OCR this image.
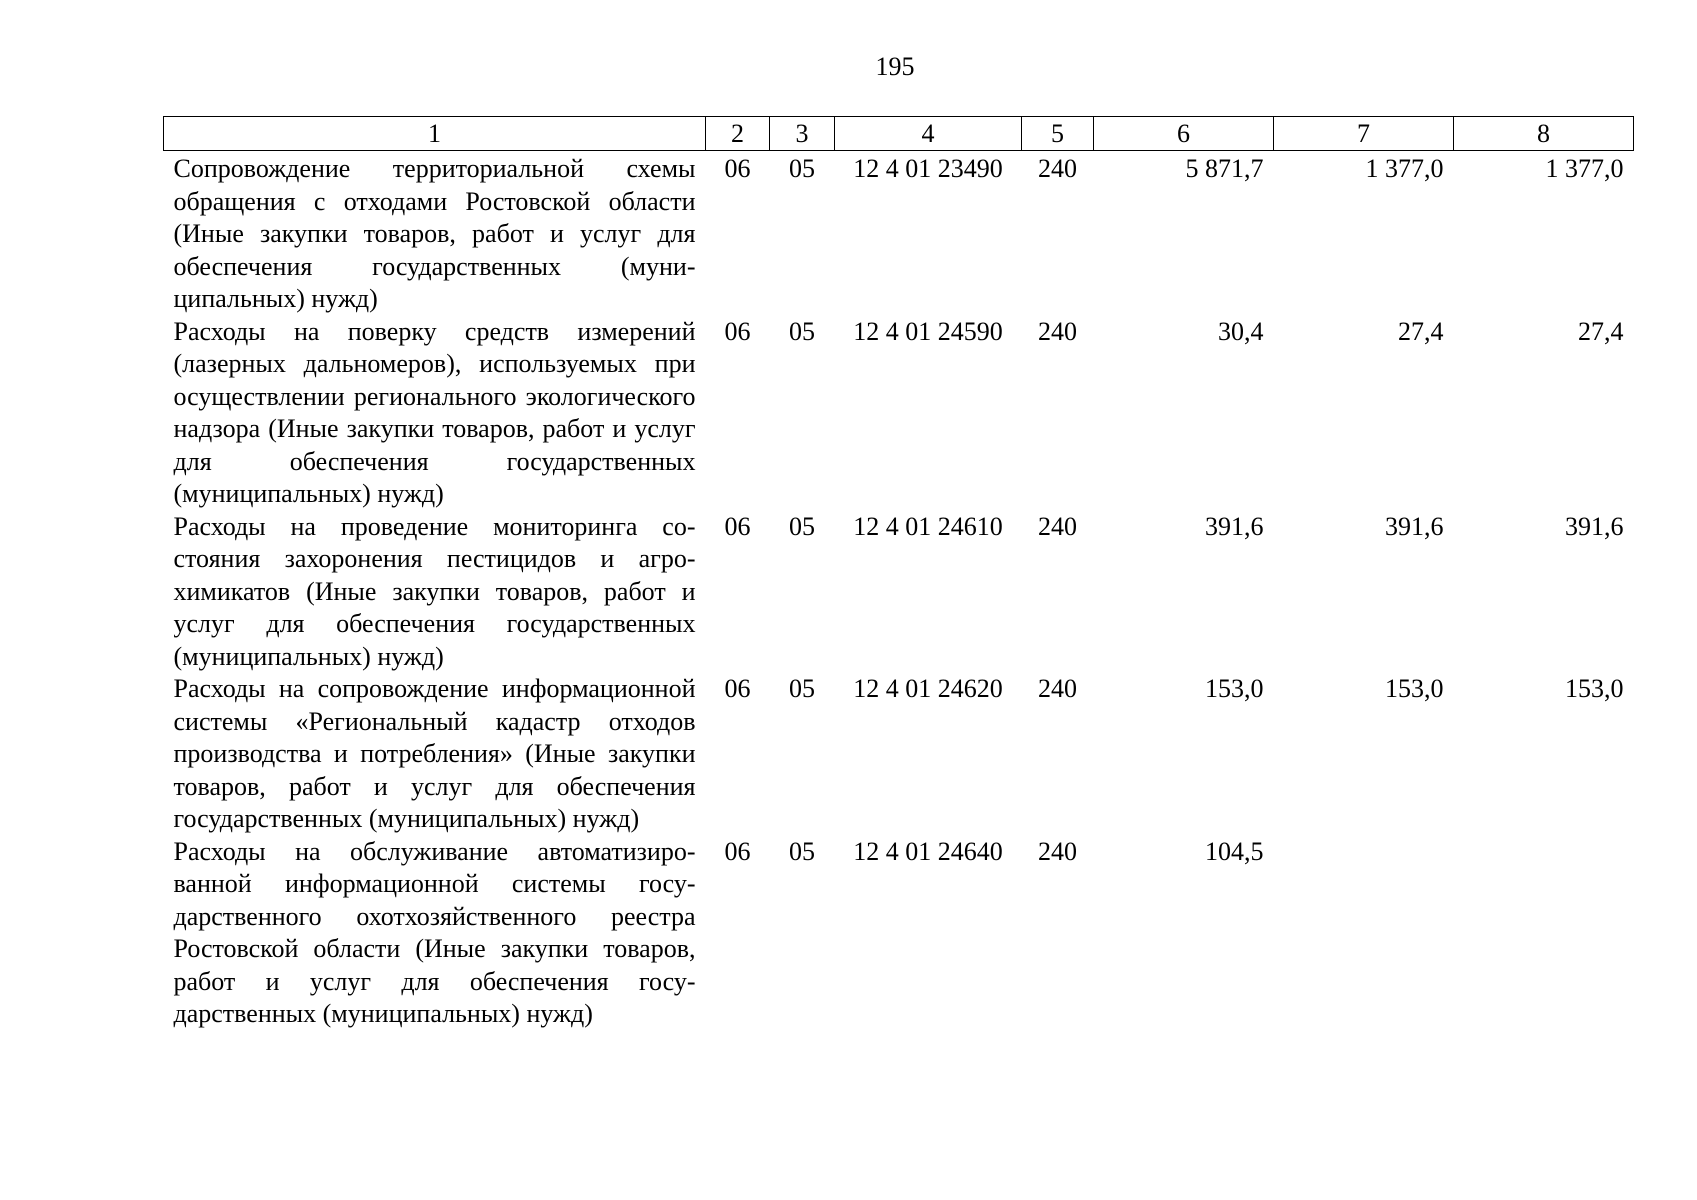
195
1	2	3	4	5	6	7	8
Сопровождение территориальной схемы обращения с отходами Ростовской области (Иные закупки товаров, работ и услуг для обеспечения государственных (муниципальных) нужд)	06	05	12 4 01 23490	240	5 871,7	1 377,0	1 377,0
Расходы на поверку средств измерений (лазерных дальномеров), используемых при осуществлении регионального экологического надзора (Иные закупки товаров, работ и услуг для обеспечения государственных (муниципальных) нужд)	06	05	12 4 01 24590	240	30,4	27,4	27,4
Расходы на проведение мониторинга состояния захоронения пестицидов и агрохимикатов (Иные закупки товаров, работ и услуг для обеспечения государственных (муниципальных) нужд)	06	05	12 4 01 24610	240	391,6	391,6	391,6
Расходы на сопровождение информационной системы «Региональный кадастр отходов производства и потребления» (Иные закупки товаров, работ и услуг для обеспечения государственных (муниципальных) нужд)	06	05	12 4 01 24620	240	153,0	153,0	153,0
Расходы на обслуживание автоматизированной информационной системы государственного охотхозяйственного реестра Ростовской области (Иные закупки товаров, работ и услуг для обеспечения государственных (муниципальных) нужд)	06	05	12 4 01 24640	240	104,5		
